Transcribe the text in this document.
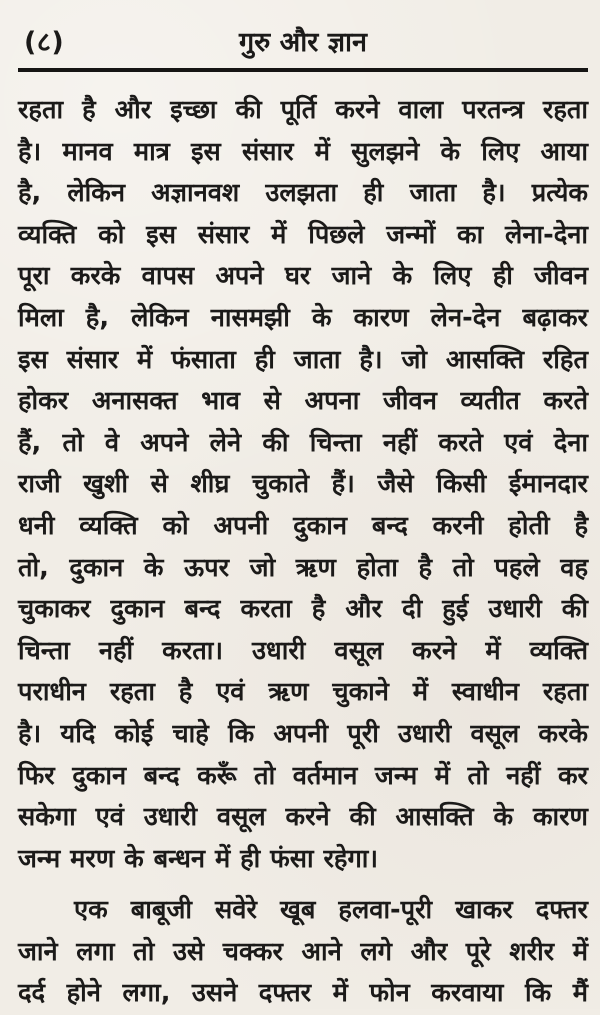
(८)	गुरु और ज्ञान

रहता है और इच्छा की पूर्ति करने वाला परतन्त्र रहता
है। मानव मात्र इस संसार में सुलझने के लिए आया
है, लेकिन अज्ञानवश उलझता ही जाता है। प्रत्येक
व्यक्ति को इस संसार में पिछले जन्मों का लेना-देना
पूरा करके वापस अपने घर जाने के लिए ही जीवन
मिला है, लेकिन नासमझी के कारण लेन-देन बढ़ाकर
इस संसार में फंसाता ही जाता है। जो आसक्ति रहित
होकर अनासक्त भाव से अपना जीवन व्यतीत करते
हैं, तो वे अपने लेने की चिन्ता नहीं करते एवं देना
राजी खुशी से शीघ्र चुकाते हैं। जैसे किसी ईमानदार
धनी व्यक्ति को अपनी दुकान बन्द करनी होती है
तो, दुकान के ऊपर जो ऋण होता है तो पहले वह
चुकाकर दुकान बन्द करता है और दी हुई उधारी की
चिन्ता नहीं करता। उधारी वसूल करने में व्यक्ति
पराधीन रहता है एवं ऋण चुकाने में स्वाधीन रहता
है। यदि कोई चाहे कि अपनी पूरी उधारी वसूल करके
फिर दुकान बन्द करूँ तो वर्तमान जन्म में तो नहीं कर
सकेगा एवं उधारी वसूल करने की आसक्ति के कारण
जन्म मरण के बन्धन में ही फंसा रहेगा।

एक बाबूजी सवेरे खूब हलवा-पूरी खाकर दफ्तर
जाने लगा तो उसे चक्कर आने लगे और पूरे शरीर में
दर्द होने लगा, उसने दफ्तर में फोन करवाया कि मैं
